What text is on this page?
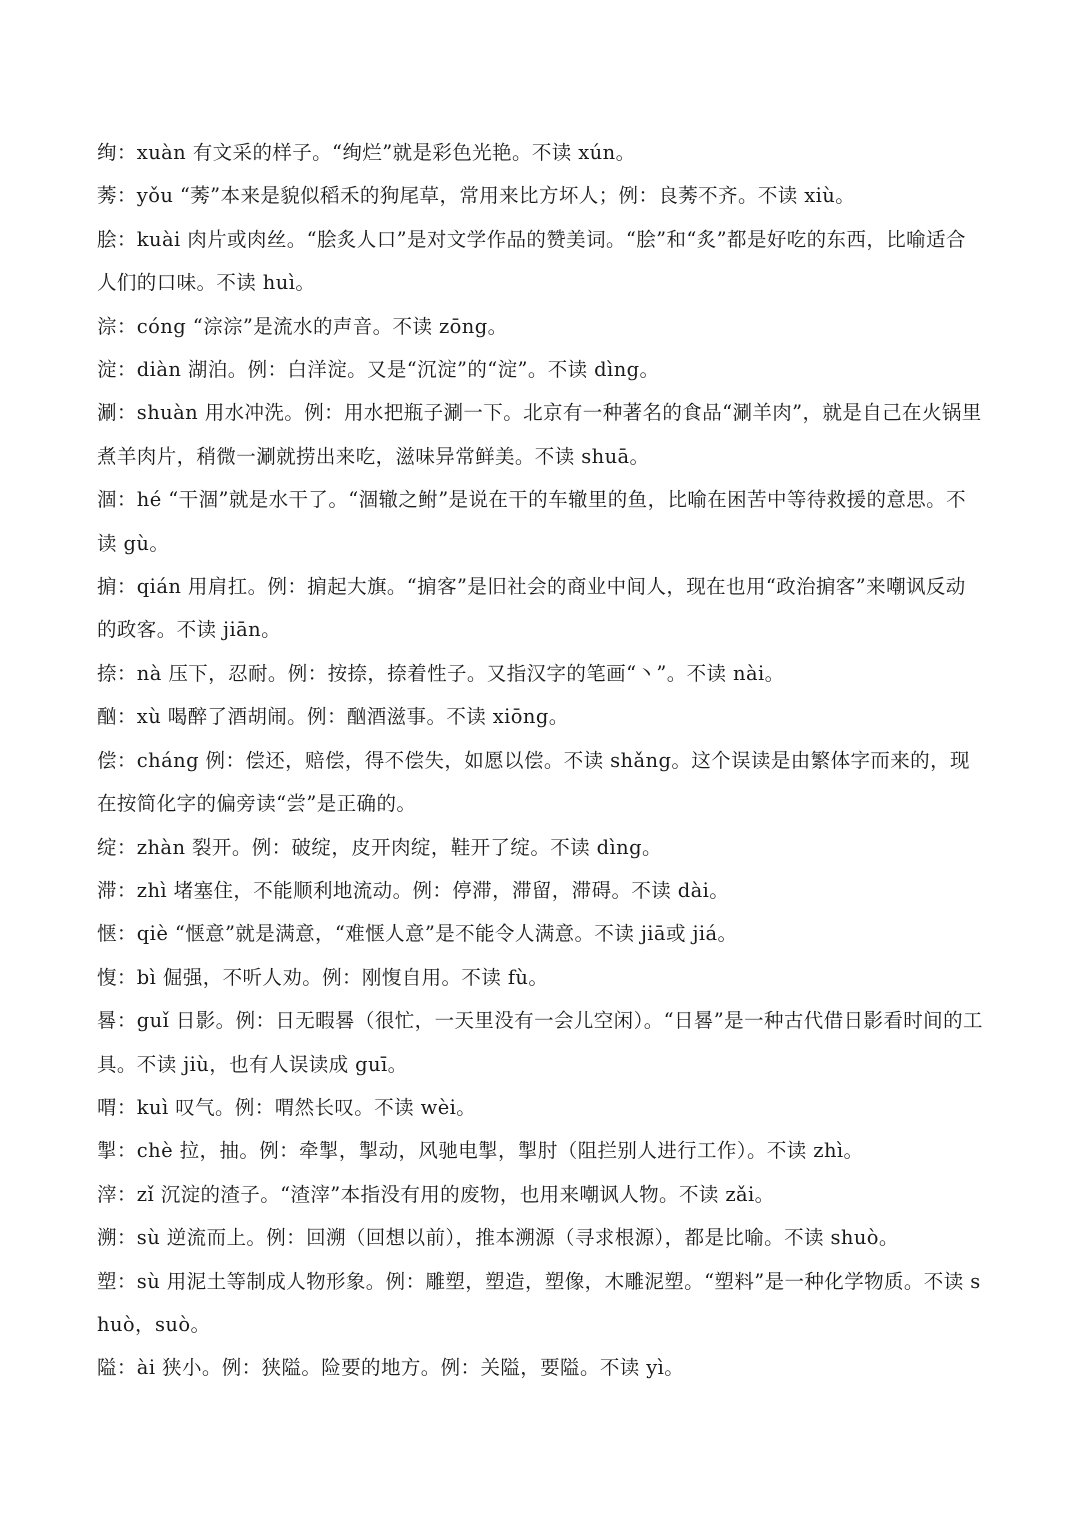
绚：xuàn 有文采的样子。“绚烂”就是彩色光艳。不读 xún。

莠：yǒu “莠”本来是貌似稻禾的狗尾草，常用来比方坏人；例：良莠不齐。不读 xiù。

脍：kuài 肉片或肉丝。“脍炙人口”是对文学作品的赞美词。“脍”和“炙”都是好吃的东西，比喻适合人们的口味。不读 huì。

淙：cóng “淙淙”是流水的声音。不读 zōng。

淀：diàn 湖泊。例：白洋淀。又是“沉淀”的“淀”。不读 dìng。

涮：shuàn 用水冲洗。例：用水把瓶子涮一下。北京有一种著名的食品“涮羊肉”，就是自己在火锅里煮羊肉片，稍微一涮就捞出来吃，滋味异常鲜美。不读 shuā。

涸：hé “干涸”就是水干了。“涸辙之鲋”是说在干的车辙里的鱼，比喻在困苦中等待救援的意思。不读 gù。

掮：qián 用肩扛。例：掮起大旗。“掮客”是旧社会的商业中间人，现在也用“政治掮客”来嘲讽反动的政客。不读 jiān。

捺：nà 压下，忍耐。例：按捺，捺着性子。又指汉字的笔画“丶”。不读 nài。

酗：xù 喝醉了酒胡闹。例：酗酒滋事。不读 xiōng。

偿：cháng 例：偿还，赔偿，得不偿失，如愿以偿。不读 shǎng。这个误读是由繁体字而来的，现在按简化字的偏旁读“尝”是正确的。

绽：zhàn 裂开。例：破绽，皮开肉绽，鞋开了绽。不读 dìng。

滞：zhì 堵塞住，不能顺利地流动。例：停滞，滞留，滞碍。不读 dài。

惬：qiè “惬意”就是满意，“难惬人意”是不能令人满意。不读 jiā或 jiá。

愎：bì 倔强，不听人劝。例：刚愎自用。不读 fù。

晷：guǐ 日影。例：日无暇晷（很忙，一天里没有一会儿空闲）。“日晷”是一种古代借日影看时间的工具。不读 jiù，也有人误读成 guī。

喟：kuì 叹气。例：喟然长叹。不读 wèi。

掣：chè 拉，抽。例：牵掣，掣动，风驰电掣，掣肘（阻拦别人进行工作）。不读 zhì。

滓：zǐ 沉淀的渣子。“渣滓”本指没有用的废物，也用来嘲讽人物。不读 zǎi。

溯：sù 逆流而上。例：回溯（回想以前），推本溯源（寻求根源），都是比喻。不读 shuò。

塑：sù 用泥土等制成人物形象。例：雕塑，塑造，塑像，木雕泥塑。“塑料”是一种化学物质。不读 shuò，suò。

隘：ài 狭小。例：狭隘。险要的地方。例：关隘，要隘。不读 yì。
